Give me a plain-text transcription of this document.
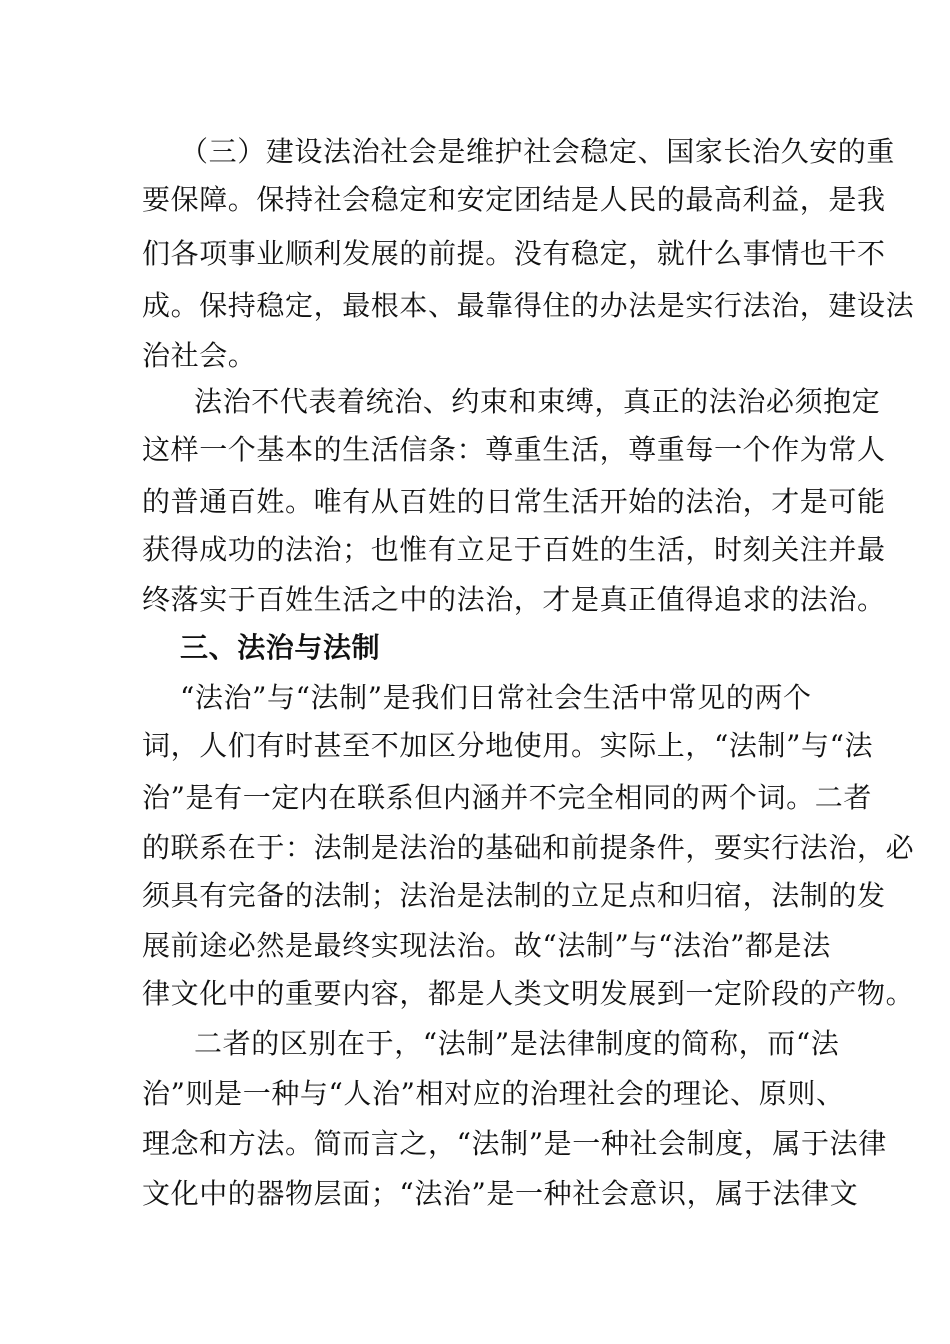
（三）建设法治社会是维护社会稳定、国家长治久安的重
要保障。保持社会稳定和安定团结是人民的最高利益，是我
们各项事业顺利发展的前提。没有稳定，就什么事情也干不
成。保持稳定，最根本、最靠得住的办法是实行法治，建设法
治社会。
法治不代表着统治、约束和束缚，真正的法治必须抱定
这样一个基本的生活信条：尊重生活，尊重每一个作为常人
的普通百姓。唯有从百姓的日常生活开始的法治，才是可能
获得成功的法治；也惟有立足于百姓的生活，时刻关注并最
终落实于百姓生活之中的法治，才是真正值得追求的法治。
三、法治与法制
“法治”与“法制”是我们日常社会生活中常见的两个
词，人们有时甚至不加区分地使用。实际上，“法制”与“法
治”是有一定内在联系但内涵并不完全相同的两个词。二者
的联系在于：法制是法治的基础和前提条件，要实行法治，必
须具有完备的法制；法治是法制的立足点和归宿，法制的发
展前途必然是最终实现法治。故“法制”与“法治”都是法
律文化中的重要内容，都是人类文明发展到一定阶段的产物。
二者的区别在于，“法制”是法律制度的简称，而“法
治”则是一种与“人治”相对应的治理社会的理论、原则、
理念和方法。简而言之，“法制”是一种社会制度，属于法律
文化中的器物层面；“法治”是一种社会意识，属于法律文
